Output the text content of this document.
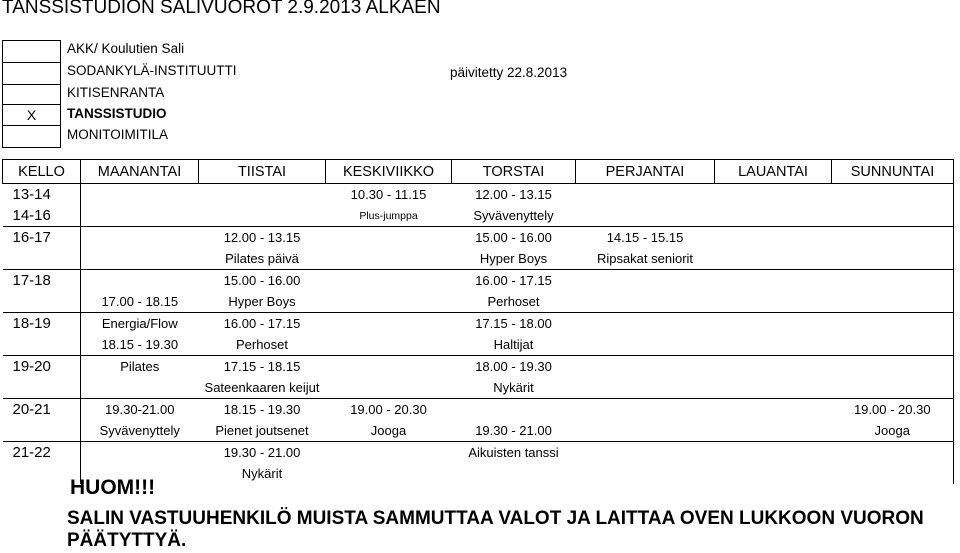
TANSSISTUDION SALIVUOROT 2.9.2013 ALKAEN
AKK/ Koulutien Sali
SODANKYLÄ-INSTITUUTTI
KITISENRANTA
X	TANSSISTUDIO
MONITOIMITILA
päivitetty 22.8.2013
KELLO	MAANANTAI	TIISTAI	KESKIVIIKKO	TORSTAI	PERJANTAI	LAUANTAI	SUNNUNTAI
13-14			10.30 - 11.15	12.00 - 13.15			
14-16			Plus-jumppa	Syvävenyttely			
16-17		12.00 - 13.15		15.00 - 16.00	14.15 - 15.15		
		Pilates päivä		Hyper Boys	Ripsakat seniorit		
17-18		15.00 - 16.00		16.00 - 17.15			
	17.00 - 18.15	Hyper Boys		Perhoset			
18-19	Energia/Flow	16.00 - 17.15		17.15 - 18.00			
	18.15 - 19.30	Perhoset		Haltijat			
19-20	Pilates	17.15 - 18.15		18.00 - 19.30			
		Sateenkaaren keijut		Nykärit			
20-21	19.30-21.00	18.15 - 19.30	19.00 - 20.30				19.00 - 20.30
	Syvävenyttely	Pienet joutsenet	Jooga	19.30 - 21.00			Jooga
21-22		19.30 - 21.00		Aikuisten tanssi			
		Nykärit					
HUOM!!!
SALIN VASTUUHENKILÖ MUISTA SAMMUTTAA VALOT JA LAITTAA OVEN LUKKOON VUORON PÄÄTYTTYÄ.
